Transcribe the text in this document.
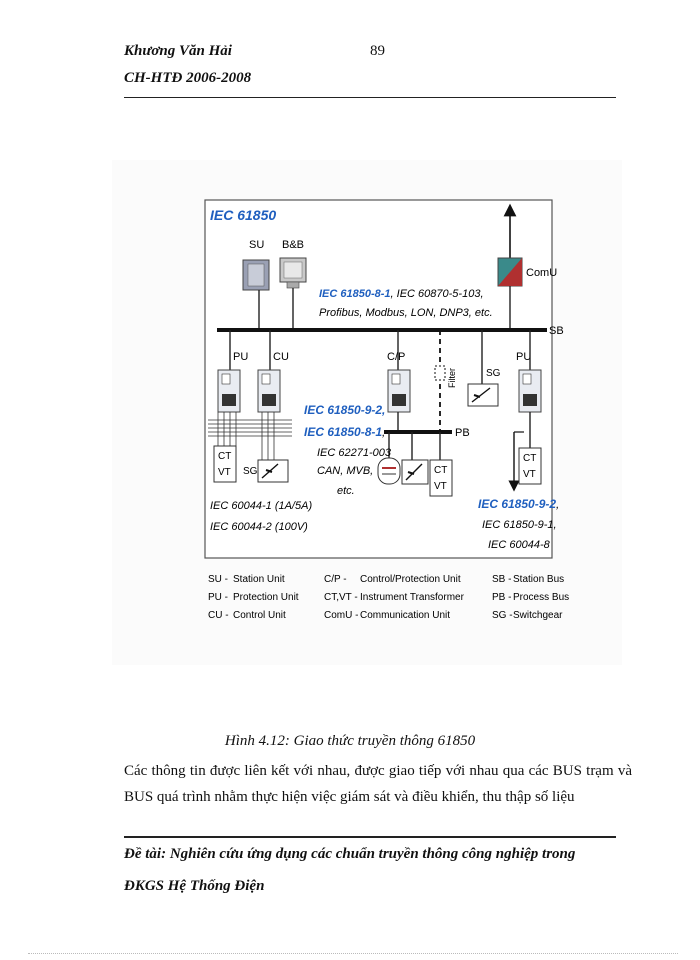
Khương Văn Hải	89
CH-HTĐ 2006-2008
IEC 61850
SU B&B
ComU
IEC 61850-8-1, IEC 60870-5-103,
Profibus, Modbus, LON, DNP3, etc.
SB
PU CU
CT
VT SG
C/P
Filter	SG
PU
CT
VT
PB
CT
VT
IEC 61850-9-2,
IEC 61850-8-1,
IEC 62271-003
CAN, MVB,
etc.
IEC 60044-1 (1A/5A)
IEC 60044-2 (100V)
IEC 61850-9-2,
IEC 61850-9-1,
IEC 60044-8
SU - Station Unit
PU - Protection Unit
CU - Control Unit
C/P - Control/Protection Unit
CT,VT - Instrument Transformer
ComU - Communication Unit
SB - Station Bus
PB - Process Bus
SG - Switchgear
Hình 4.12: Giao thức truyền thông 61850
Các thông tin được liên kết với nhau, được giao tiếp với nhau qua các BUS trạm và BUS quá trình nhằm thực hiện việc giám sát và điều khiển, thu thập số liệu
Đề tài: Nghiên cứu ứng dụng các chuẩn truyền thông công nghiệp trong
ĐKGS Hệ Thống Điện
